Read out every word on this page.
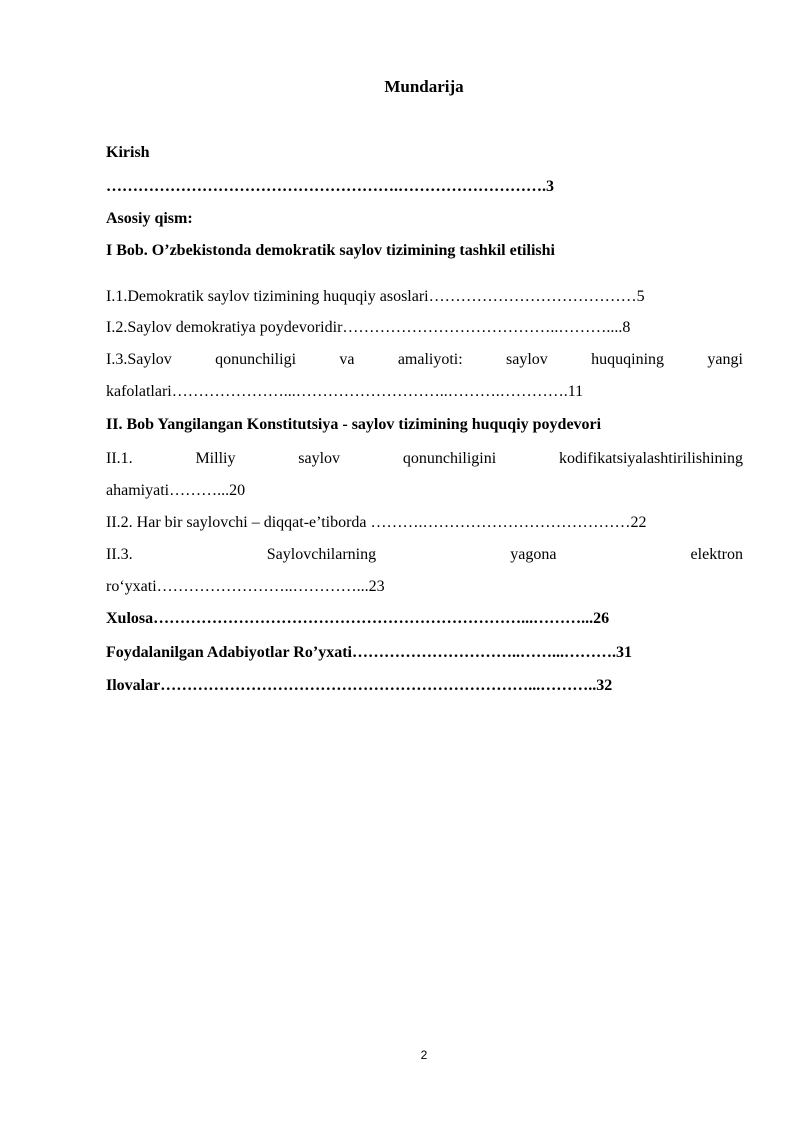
Mundarija
Kirish
……………………………………………….……………………….3
Asosiy qism:
I Bob. O’zbekistonda demokratik saylov tizimining tashkil etilishi
I.1.Demokratik saylov tizimining huquqiy asoslari…………………………………5
I.2.Saylov demokratiya poydevoridir…………………………………..………....8
I.3.Saylov	qonunchiligi	va	amaliyoti:	saylov	huquqining	yangi
kafolatlari…………………...………………………..……….………….11
II. Bob Yangilangan Konstitutsiya - saylov tizimining huquqiy poydevori
II.1.	Milliy	saylov	qonunchiligini	kodifikatsiyalashtirilishining
ahamiyati………...20
II.2. Har bir saylovchi – diqqat-e’tiborda ……….…………………………………22
II.3.	Saylovchilarning	yagona	elektron
ro‘yxati……………………..…………...23
Xulosa……………………………………………………………...………...26
Foydalanilgan Adabiyotlar Ro’yxati…………………………..……...……….31
Ilovalar……………………………………………………………...………..32
2
